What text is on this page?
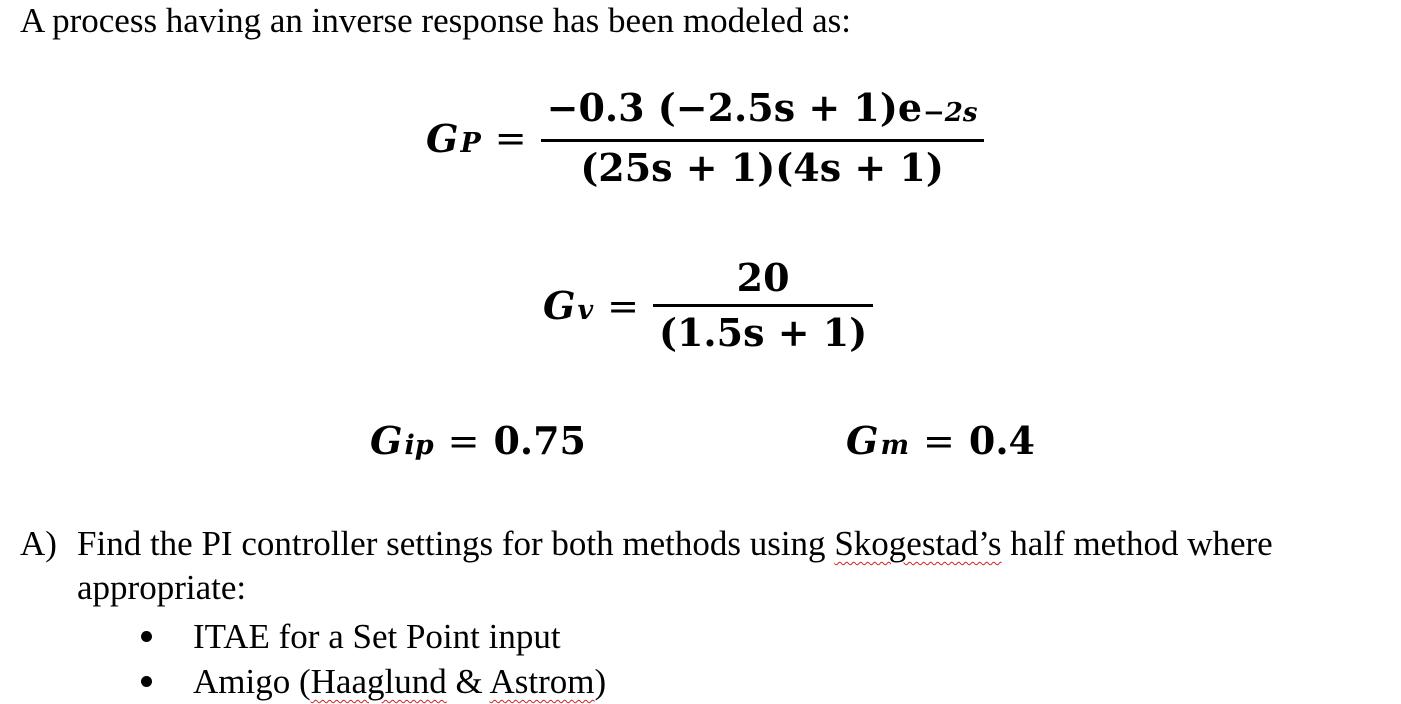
A process having an inverse response has been modeled as:
G $P = \frac{-0.3 (-2.5s + 1)e -2s}{(25s + 1)(4s + 1)}$
G $v = \frac{20}{(1.5s + 1)}$
G ip = 0.75	G m = 0.4
A) Find the PI controller settings for both methods using Skogestad’s half method where
appropriate:
ITAE for a Set Point input
Amigo (Haaglund & Astrom)
